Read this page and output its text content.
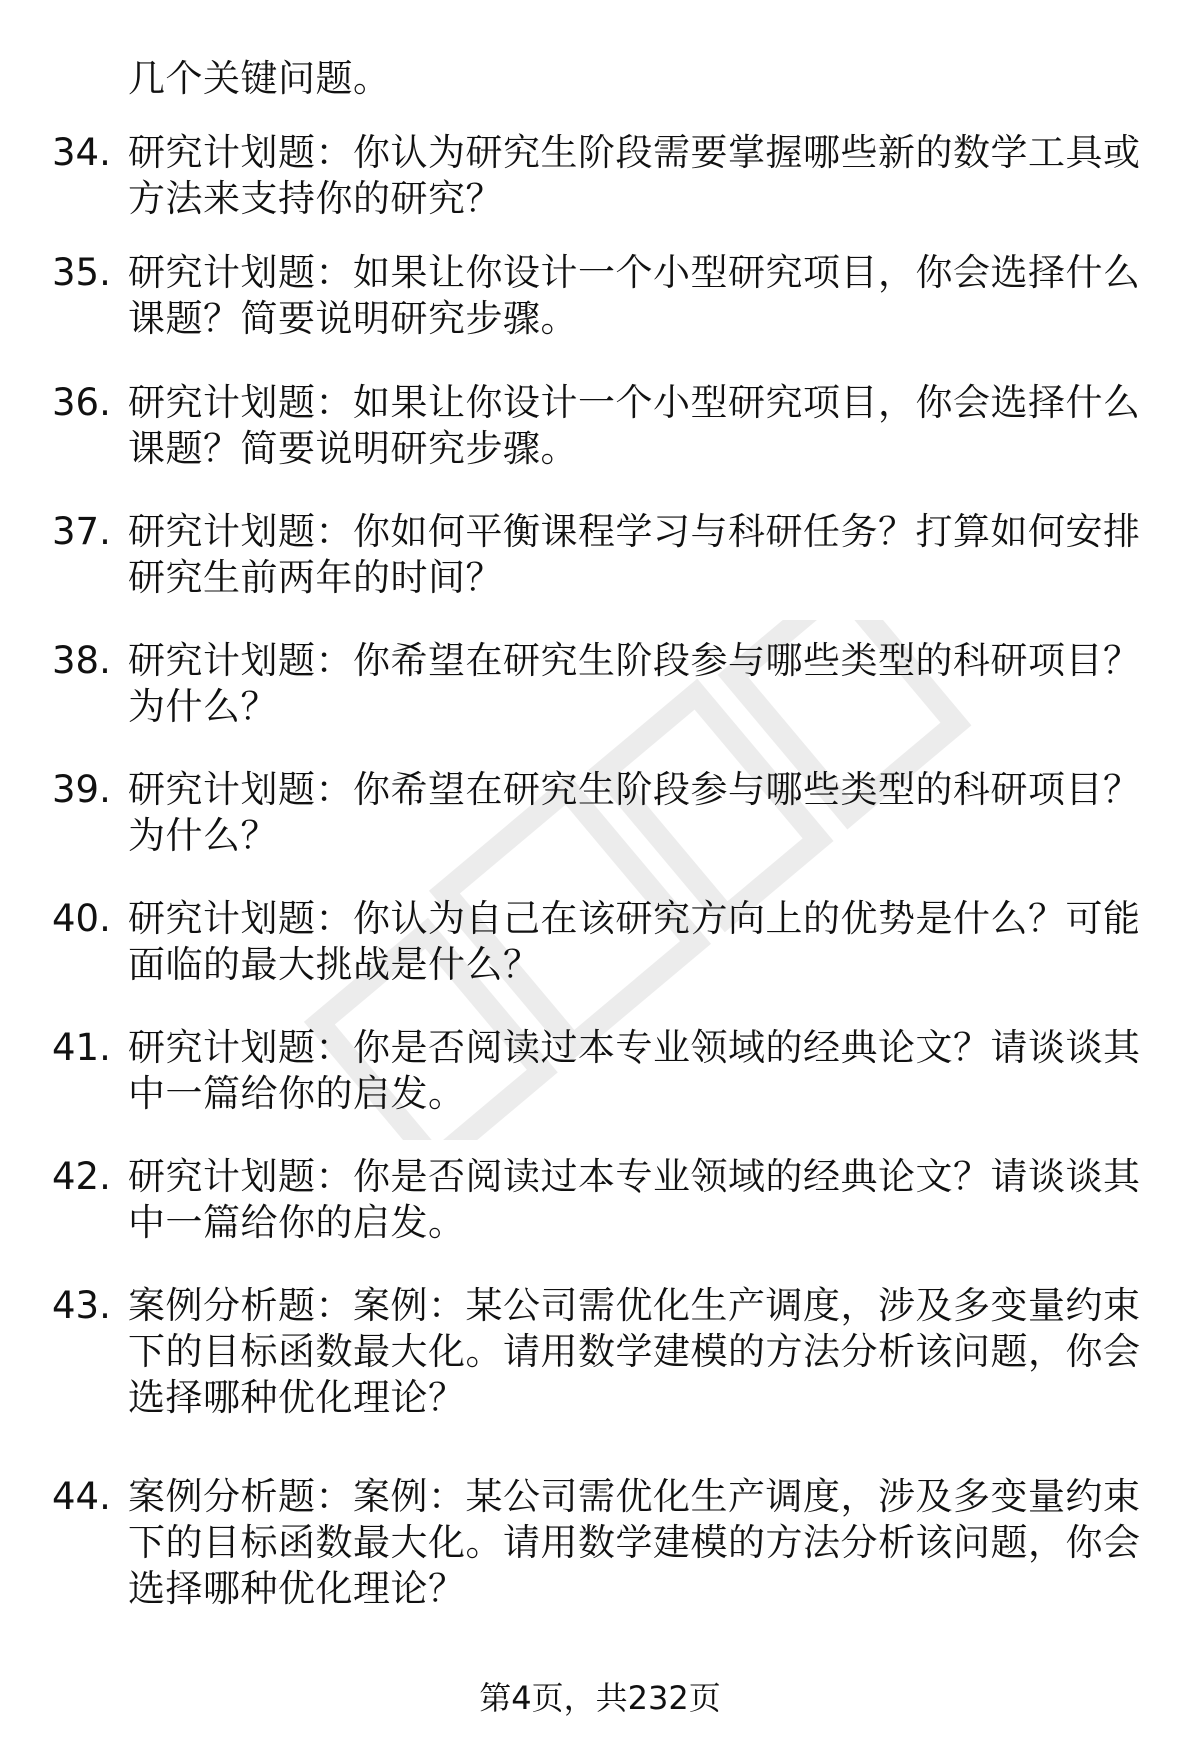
几个关键问题。
34. 研究计划题：你认为研究生阶段需要掌握哪些新的数学工具或方法来支持你的研究？
35. 研究计划题：如果让你设计一个小型研究项目，你会选择什么课题？简要说明研究步骤。
36. 研究计划题：如果让你设计一个小型研究项目，你会选择什么课题？简要说明研究步骤。
37. 研究计划题：你如何平衡课程学习与科研任务？打算如何安排研究生前两年的时间？
38. 研究计划题：你希望在研究生阶段参与哪些类型的科研项目？为什么？
39. 研究计划题：你希望在研究生阶段参与哪些类型的科研项目？为什么？
40. 研究计划题：你认为自己在该研究方向上的优势是什么？可能面临的最大挑战是什么？
41. 研究计划题：你是否阅读过本专业领域的经典论文？请谈谈其中一篇给你的启发。
42. 研究计划题：你是否阅读过本专业领域的经典论文？请谈谈其中一篇给你的启发。
43. 案例分析题：案例：某公司需优化生产调度，涉及多变量约束下的目标函数最大化。请用数学建模的方法分析该问题，你会选择哪种优化理论？
44. 案例分析题：案例：某公司需优化生产调度，涉及多变量约束下的目标函数最大化。请用数学建模的方法分析该问题，你会选择哪种优化理论？
第4页，共232页
